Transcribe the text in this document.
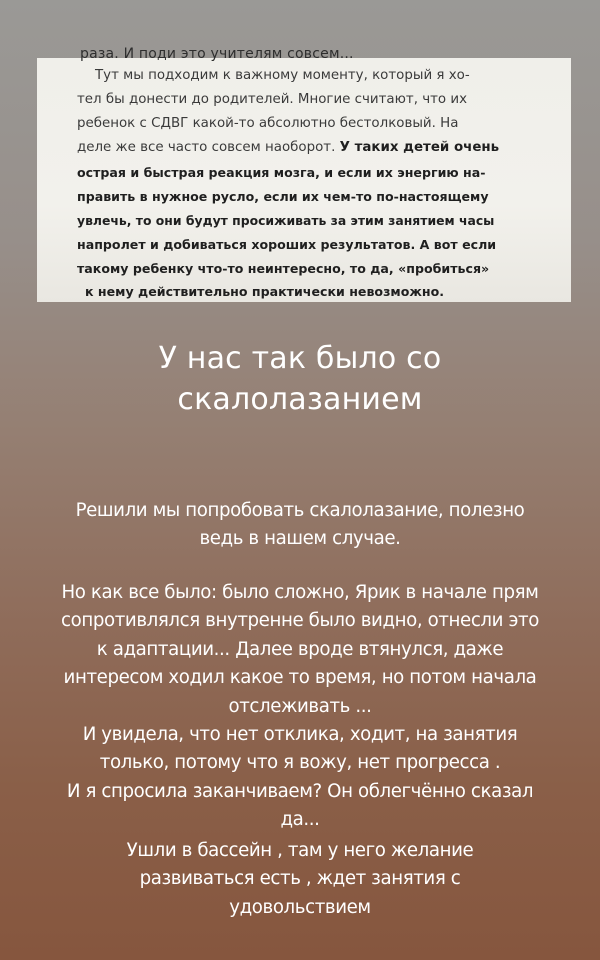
раза. И поди это учителям совсем...
Тут мы подходим к важному моменту, который я хо-
тел бы донести до родителей. Многие считают, что их
ребенок с СДВГ какой-то абсолютно бестолковый. На
деле же все часто совсем наоборот. У таких детей очень
острая и быстрая реакция мозга, и если их энергию на-
править в нужное русло, если их чем-то по-настоящему
увлечь, то они будут просиживать за этим занятием часы
напролет и добиваться хороших результатов. А вот если
такому ребенку что-то неинтересно, то да, «пробиться»
к нему действительно практически невозможно.
У нас так было со
скалолазанием
Решили мы попробовать скалолазание, полезно
ведь в нашем случае.
Но как все было: было сложно, Ярик в начале прям
сопротивлялся внутренне было видно, отнесли это
к адаптации... Далее вроде втянулся, даже
интересом ходил какое то время, но потом начала
отслеживать ...
И увидела, что нет отклика, ходит, на занятия
только, потому что я вожу, нет прогресса .
И я спросила заканчиваем? Он облегчённо сказал
да...
Ушли в бассейн , там у него желание
развиваться есть , ждет занятия с
удовольствием
